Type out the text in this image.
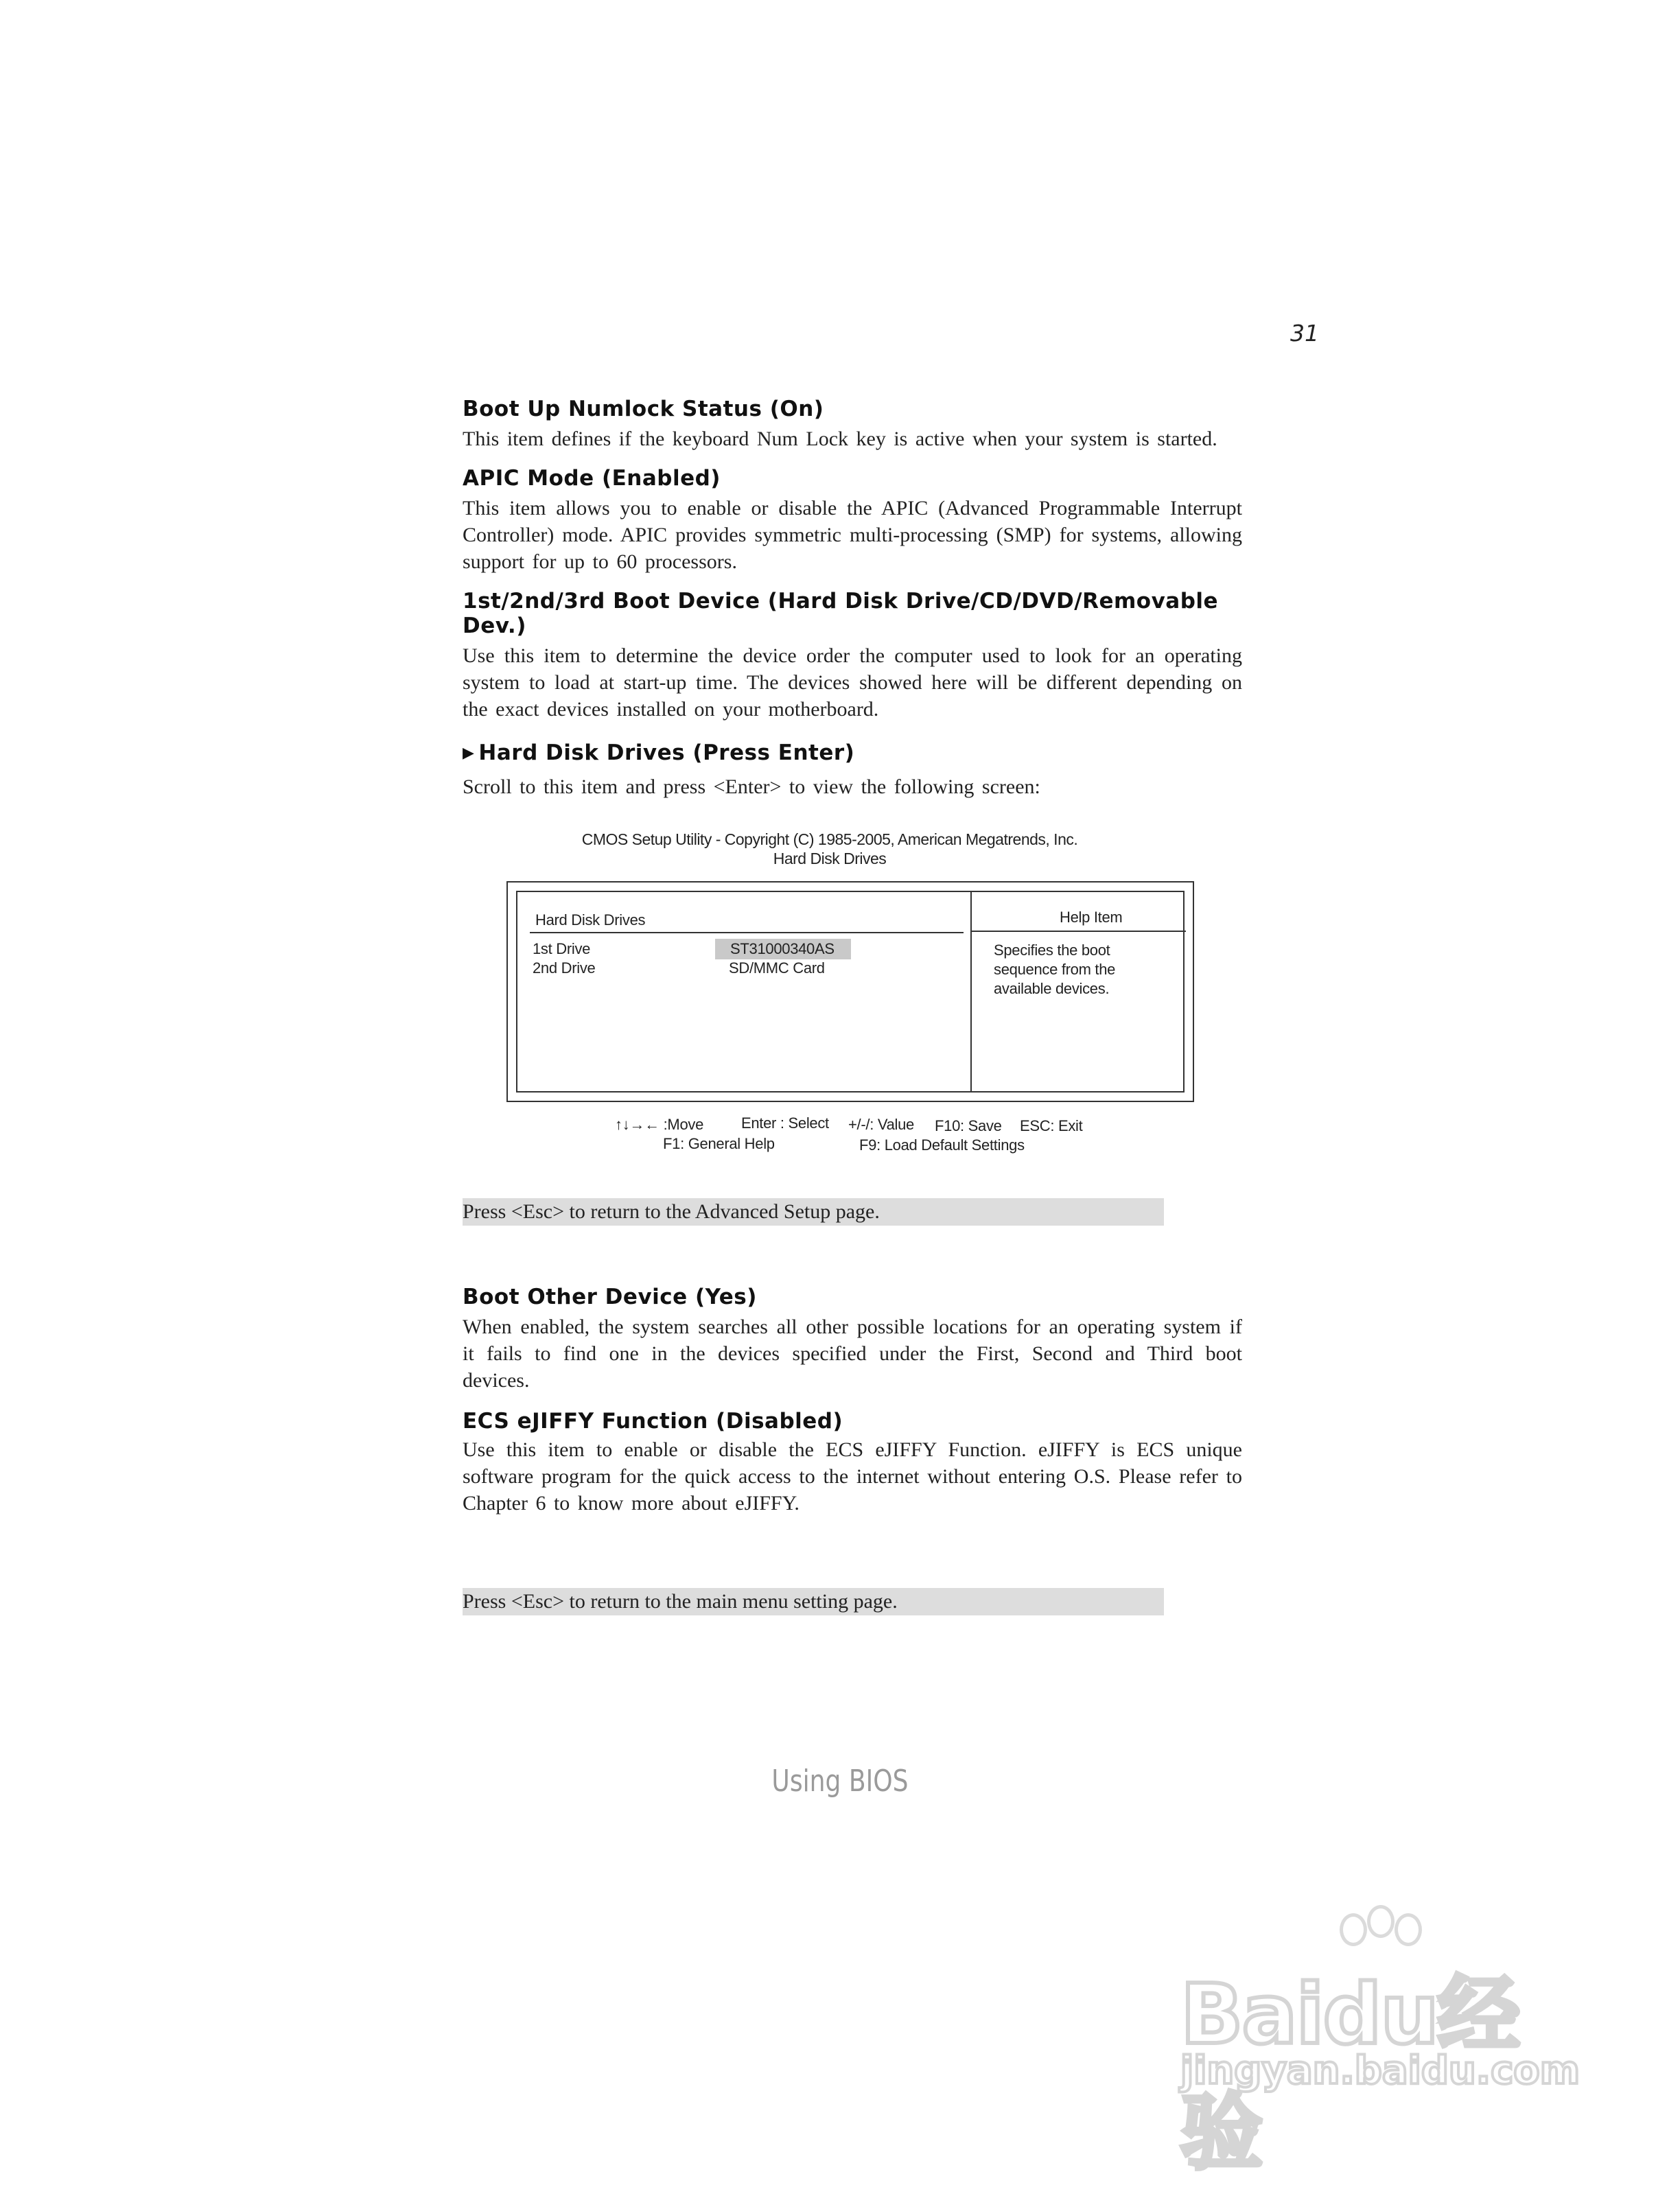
31
Boot Up Numlock Status (On)

This item defines if the keyboard Num Lock key is active when your system is started.

APIC Mode (Enabled)

This item allows you to enable or disable the APIC (Advanced Programmable Interrupt Controller) mode. APIC provides symmetric multi-processing (SMP) for systems, allowing support for up to 60 processors.

1st/2nd/3rd Boot Device (Hard Disk Drive/CD/DVD/Removable Dev.)

Use this item to determine the device order the computer used to look for an operating system to load at start-up time. The devices showed here will be different depending on the exact devices installed on your motherboard.

▶ Hard Disk Drives (Press Enter)

Scroll to this item and press <Enter> to view the following screen:

CMOS Setup Utility - Copyright (C) 1985-2005, American Megatrends, Inc.
Hard Disk Drives
Hard Disk Drives	Help Item
1st Drive	ST31000340AS
2nd Drive	SD/MMC Card
Specifies the boot
sequence from the
available devices.
↑↓→← :Move Enter : Select +/-/: Value F10: Save ESC: Exit
F1: General Help	F9: Load Default Settings
Press <Esc> to return to the Advanced Setup page.
Boot Other Device (Yes)

When enabled, the system searches all other possible locations for an operating system if it fails to find one in the devices specified under the First, Second and Third boot devices.

ECS eJIFFY Function (Disabled)

Use this item to enable or disable the ECS eJIFFY Function. eJIFFY is ECS unique software program for the quick access to the internet without entering O.S. Please refer to Chapter 6 to know more about eJIFFY.

Press <Esc> to return to the main menu setting page.
Using BIOS
Baidu经验
jingyan.baidu.com
